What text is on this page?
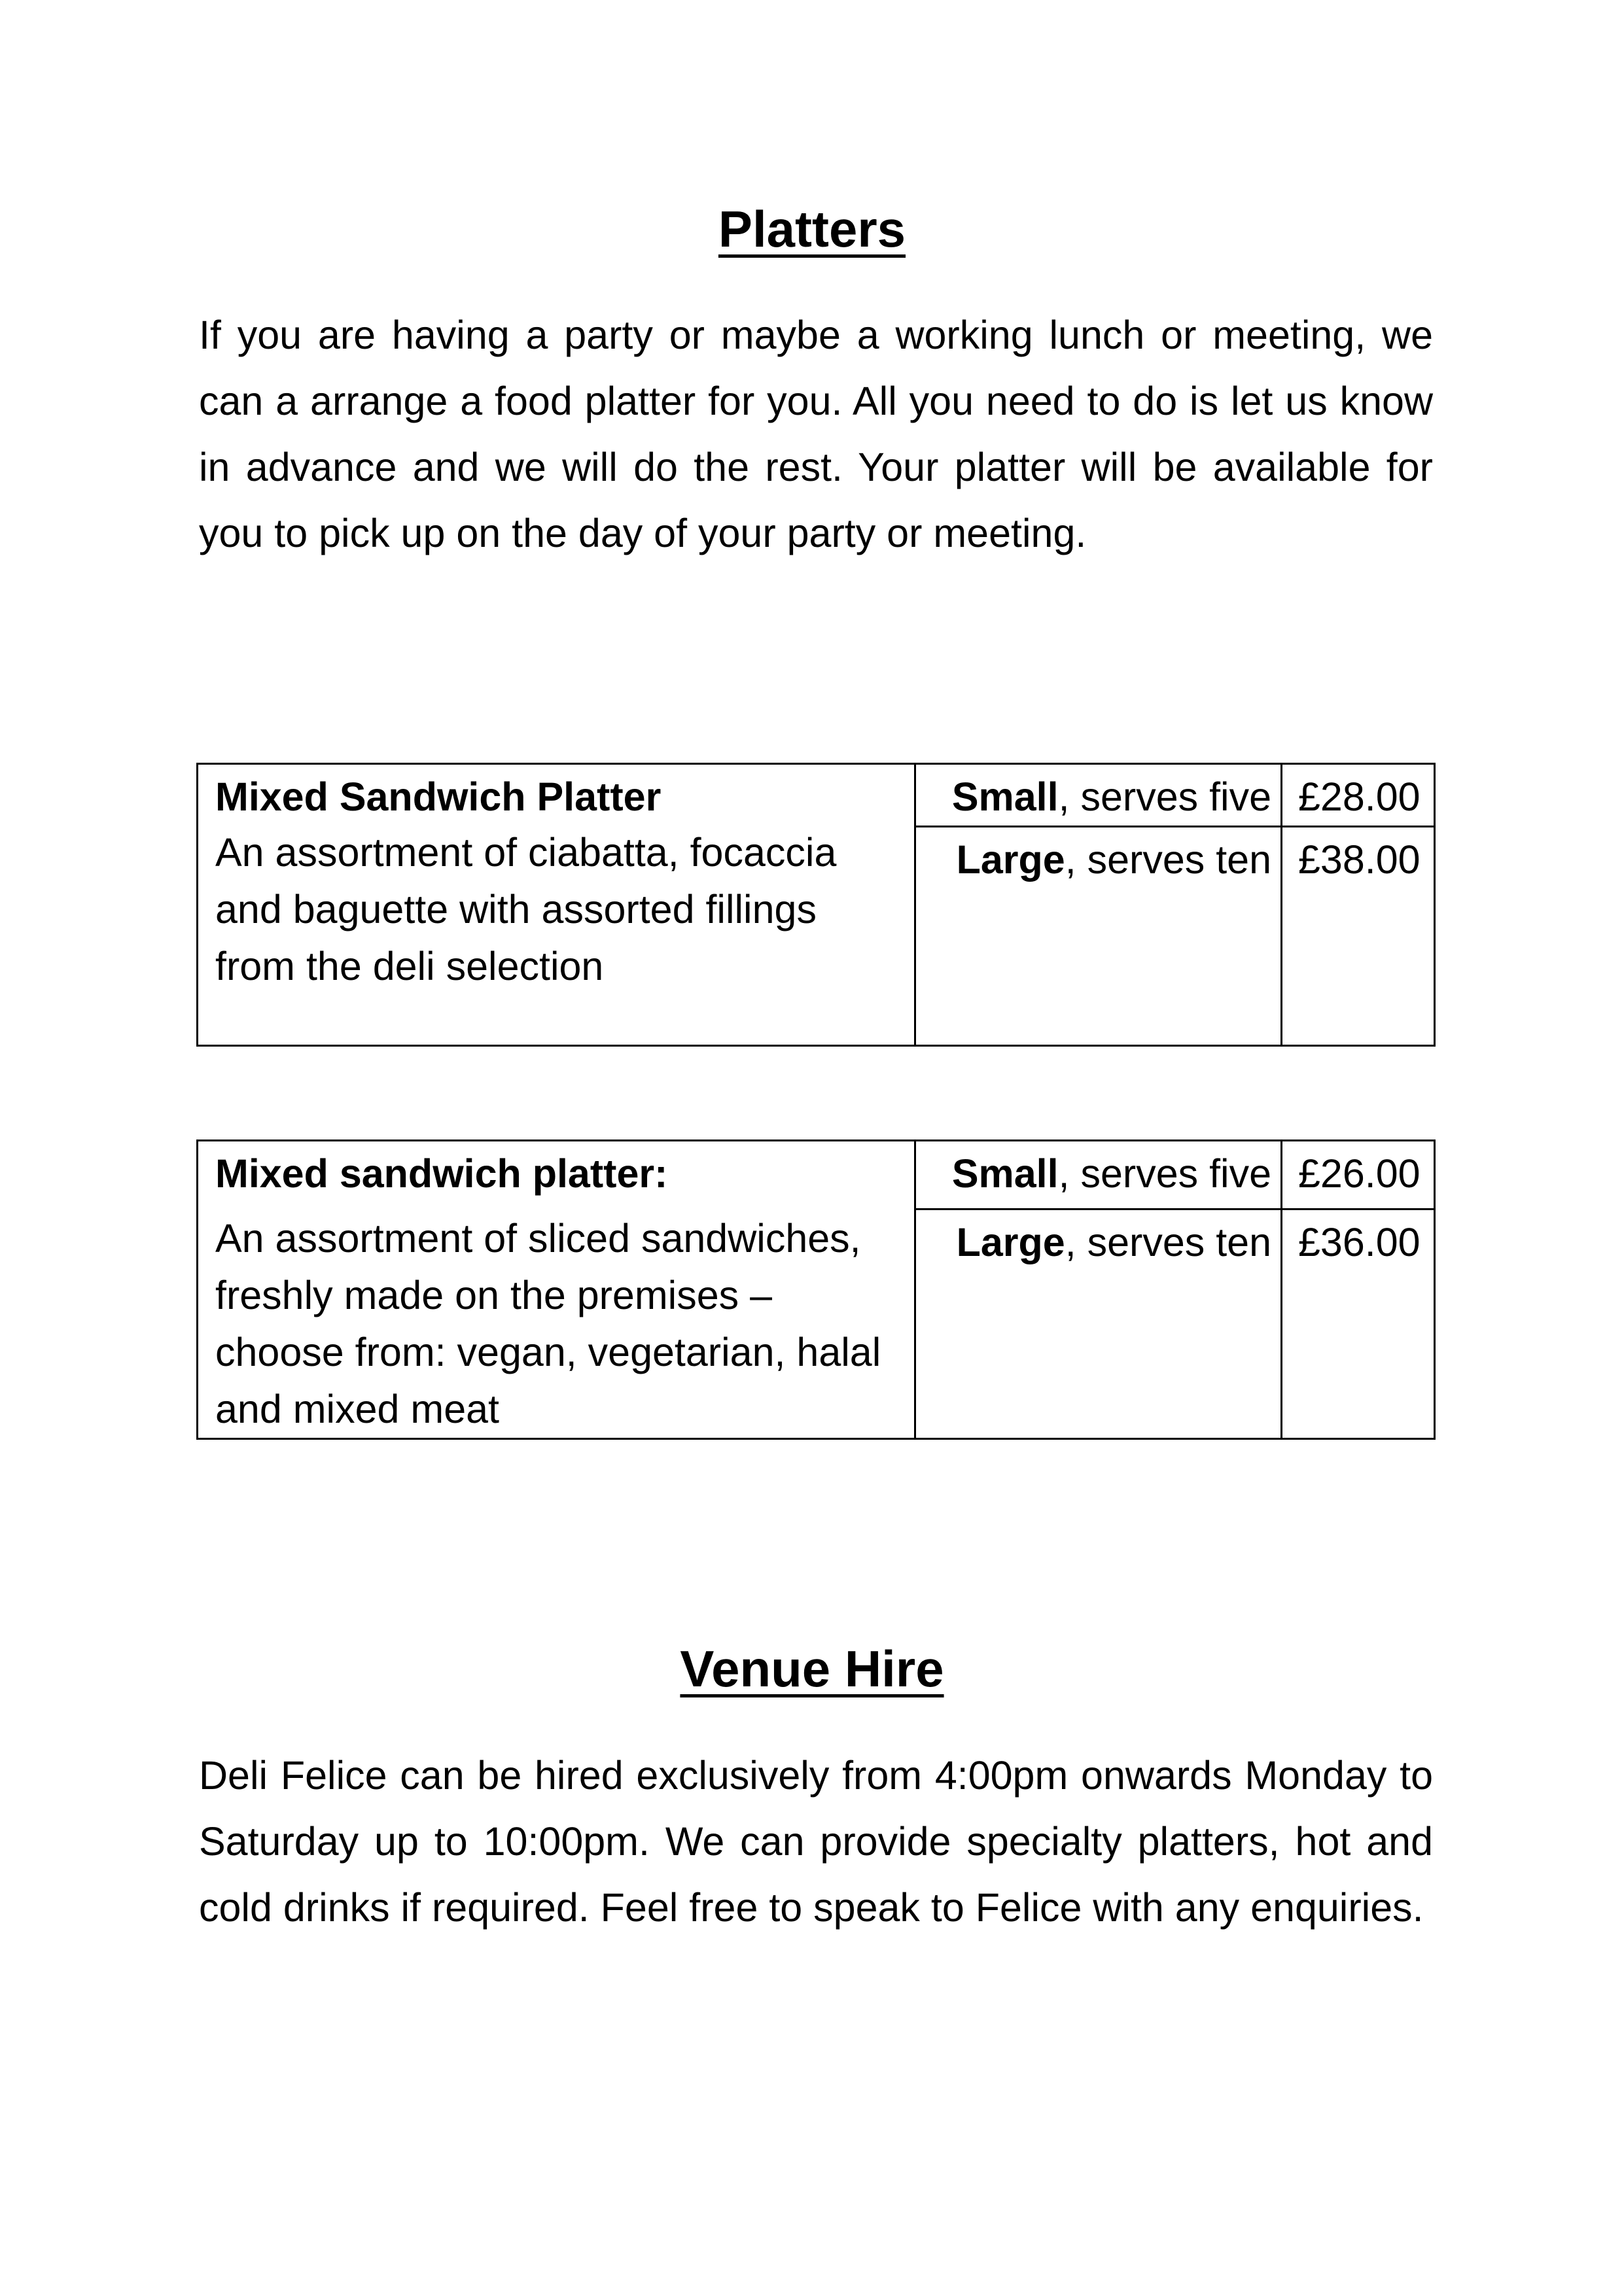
Platters

If you are having a party or maybe a working lunch or meeting, we can a arrange a food platter for you. All you need to do is let us know in advance and we will do the rest. Your platter will be available for you to pick up on the day of your party or meeting.

Mixed Sandwich Platter
An assortment of ciabatta, focaccia and baguette with assorted fillings from the deli selection	Small, serves five	£28.00
	Large, serves ten	£38.00
Mixed sandwich platter:
An assortment of sliced sandwiches, freshly made on the premises – choose from: vegan, vegetarian, halal and mixed meat	Small, serves five	£26.00
	Large, serves ten	£36.00
Venue Hire

Deli Felice can be hired exclusively from 4:00pm onwards Monday to Saturday up to 10:00pm. We can provide specialty platters, hot and cold drinks if required. Feel free to speak to Felice with any enquiries.
